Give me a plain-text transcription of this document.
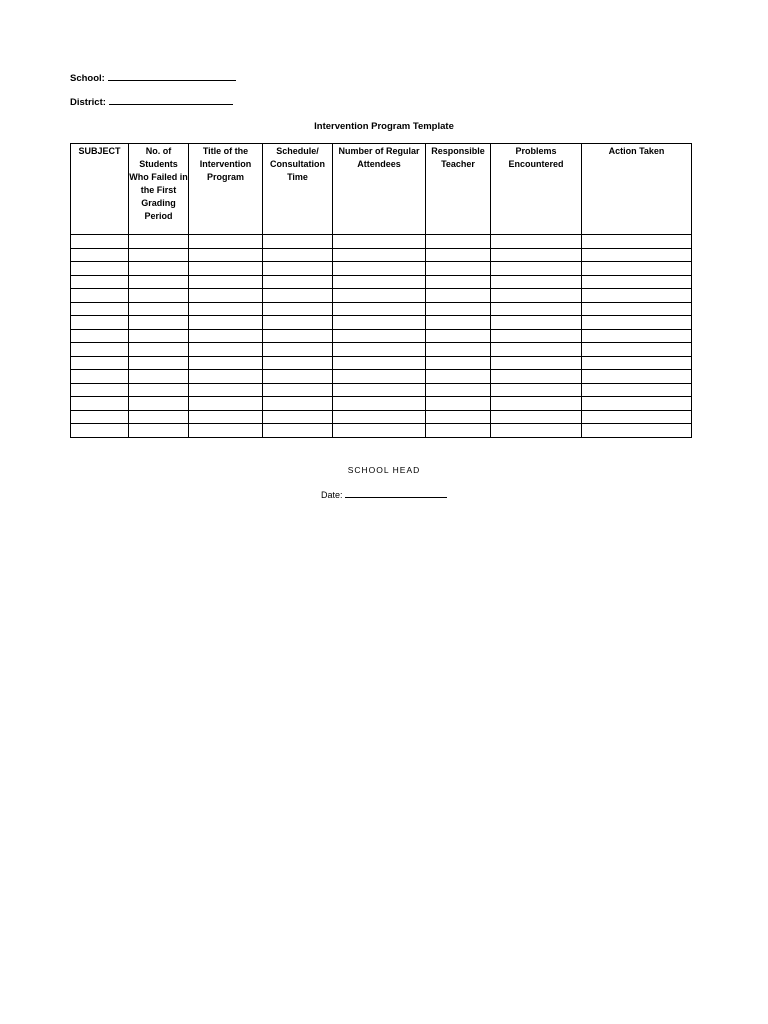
School:
District:
Intervention Program Template
SUBJECT	No. of Students Who Failed in the First Grading Period	Title of the Intervention Program	Schedule/ Consultation Time	Number of Regular Attendees	Responsible Teacher	Problems Encountered	Action Taken

SCHOOL HEAD
Date:
